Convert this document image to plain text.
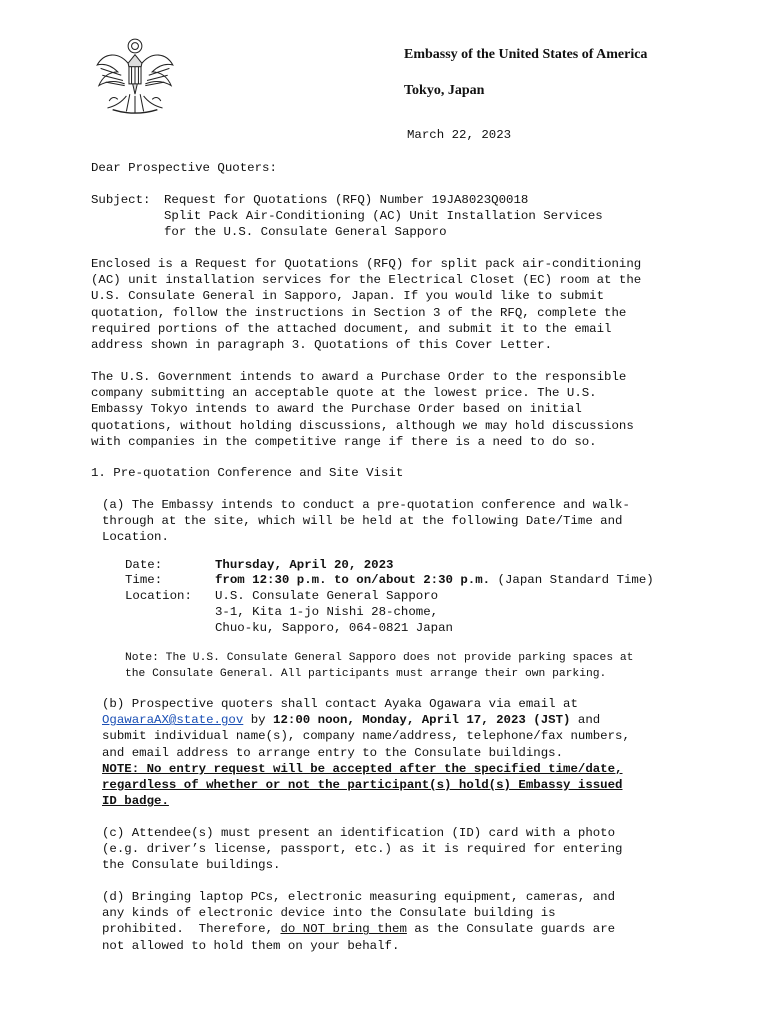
Embassy of the United States of America
Tokyo, Japan
March 22, 2023
Dear Prospective Quoters:
Subject: Request for Quotations (RFQ) Number 19JA8023Q0018
Split Pack Air-Conditioning (AC) Unit Installation Services
for the U.S. Consulate General Sapporo
Enclosed is a Request for Quotations (RFQ) for split pack air-conditioning
(AC) unit installation services for the Electrical Closet (EC) room at the
U.S. Consulate General in Sapporo, Japan. If you would like to submit
quotation, follow the instructions in Section 3 of the RFQ, complete the
required portions of the attached document, and submit it to the email
address shown in paragraph 3. Quotations of this Cover Letter.
The U.S. Government intends to award a Purchase Order to the responsible
company submitting an acceptable quote at the lowest price. The U.S.
Embassy Tokyo intends to award the Purchase Order based on initial
quotations, without holding discussions, although we may hold discussions
with companies in the competitive range if there is a need to do so.
1. Pre-quotation Conference and Site Visit
(a) The Embassy intends to conduct a pre-quotation conference and walk-
through at the site, which will be held at the following Date/Time and
Location.
Date:	Thursday, April 20, 2023
Time:	from 12:30 p.m. to on/about 2:30 p.m. (Japan Standard Time)
Location: U.S. Consulate General Sapporo
3-1, Kita 1-jo Nishi 28-chome,
Chuo-ku, Sapporo, 064-0821 Japan
Note: The U.S. Consulate General Sapporo does not provide parking spaces at
the Consulate General. All participants must arrange their own parking.
(b) Prospective quoters shall contact Ayaka Ogawara via email at
OgawaraAX@state.gov by 12:00 noon, Monday, April 17, 2023 (JST) and
submit individual name(s), company name/address, telephone/fax numbers,
and email address to arrange entry to the Consulate buildings.
NOTE: No entry request will be accepted after the specified time/date,
regardless of whether or not the participant(s) hold(s) Embassy issued
ID badge.
(c) Attendee(s) must present an identification (ID) card with a photo
(e.g. driver’s license, passport, etc.) as it is required for entering
the Consulate buildings.
(d) Bringing laptop PCs, electronic measuring equipment, cameras, and
any kinds of electronic device into the Consulate building is
prohibited.  Therefore, do NOT bring them as the Consulate guards are
not allowed to hold them on your behalf.
